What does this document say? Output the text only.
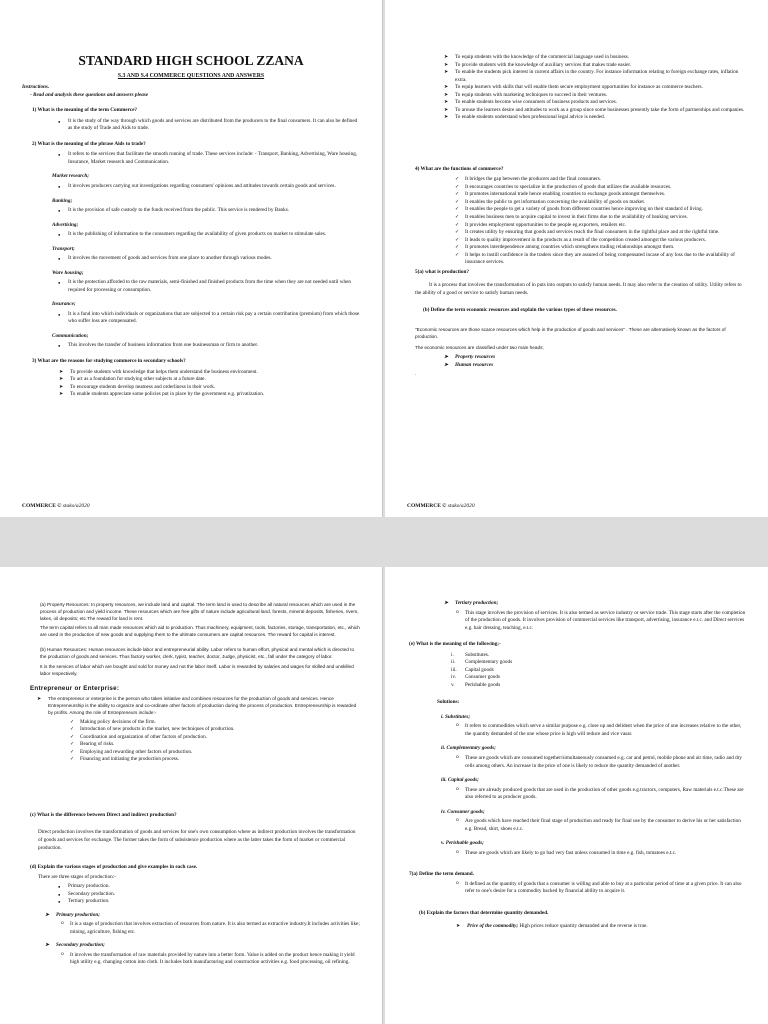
STANDARD HIGH SCHOOL ZZANA

S.3 AND S.4 COMMERCE QUESTIONS AND ANSWERS

Instructions.

- Read and analysis these questions and answers please

1) What is the meaning of the term Commerce?

● It is the study of the way through which goods and services are distributed from the producers to the final consumers. It can also be defined as the study of Trade and Aids to trade.

2) What is the meaning of the phrase Aids to trade?

● It refers to the services that facilitate the smooth running of trade. These services include: - Transport, Banking, Advertising, Ware housing, Insurance, Market research and Communication.

Market research;

● It involves producers carrying out investigations regarding consumers' opinions and attitudes towards certain goods and services.

Banking;

● It is the provision of safe custody to the funds received from the public. This service is rendered by Banks.

Advertising;

● It is the publishing of information to the consumers regarding the availability of given products on market to stimulate sales.

Transport;

● It involves the movement of goods and services from one place to another through various modes.

Ware housing;

● It is the protection afforded to the raw materials, semi-finished and finished products from the time when they are not needed until when required for processing or consumption.

Insurance;

● It is a fund into which individuals or organizations that are subjected to a certain risk pay a certain contribution (premium) from which those who suffer loss are compensated.

Communication;

● This involves the transfer of business information from one businessman or firm to another.

3) What are the reasons for studying commerce in secondary schools?

➤ To provide students with knowledge that helps them understand the business environment.
➤ To act as a foundation for studying other subjects at a future date.
➤ To encourage students develop neatness and orderliness in their work.
➤ To enable students appreciate some policies put in place by the government e.g. privatization.
COMMERCE © stako/a2020
➤ To equip students with the knowledge of the commercial language used in business.
➤ To provide students with the knowledge of auxiliary services that makes trade easier.
➤ To enable the students pick interest in current affairs in the country. For instance information relating to foreign exchange rates, inflation extra.
➤ To equip learners with skills that will enable them secure employment opportunities for instance as commerce teachers.
➤ To equip students with marketing techniques to succeed in their ventures.
➤ To enable students become wise consumers of business products and services.
➤ To arouse the learners desire and attitudes to work as a group since some businesses presently take the form of partnerships and companies.
➤ To enable students understand when professional legal advice is needed.

4) What are the functions of commerce?

✓ It bridges the gap between the producers and the final consumers.
✓ It encourages countries to specialize in the production of goods that utilizes the available resources.
✓ It promotes international trade hence enabling countries to exchange goods amongst themselves.
✓ It enables the public to get information concerning the availability of goods on market.
✓ It enables the people to get a variety of goods from different countries hence improving on their standard of living.
✓ It enables business men to acquire capital to invest in their firms due to the availability of banking services.
✓ It provides employment opportunities to the people eg.exporters, retailers etc.
✓ It creates utility by ensuring that goods and services reach the final consumers in the rightful place and at the rightful time.
✓ It leads to quality improvement in the products as a result of the competition created amongst the various producers.
✓ It promotes interdependence among countries which strengthens trading relationships amongst them.
✓ It helps to instill confidence in the traders since they are assured of being compensated incase of any loss due to the availability of insurance services.

5(a) what is production?

It is a process that involves the transformation of in puts into outputs to satisfy human needs. It may also refer to the creation of utility. Utility refers to the ability of a good or service to satisfy human needs.

(b) Define the term economic resources and explain the various types of these resources.

"Economic resources are those scarce resources which help in the production of goods and services" . These are alternatively known as the factors of production.

The economic resources are classified under two main heads;

➤ Property resources
➤ Human resources

.

COMMERCE © stako/a2020

(a) Property Resources: In property resources, we include land and capital. The term land is used to describe all natural resources which are used in the process of production and yield income. These resources which are free gifts of nature include agricultural land, forests, mineral deposits, fisheries, rivers, lakes, oil deposits; etc.The reward for land is rent.

The term capital refers to all man made resources which aid to production. Thus machinery, equipment, tools, factories, storage, transportation, etc., which are used in the production of new goods and supplying them to the ultimate consumers are capital resources. The reward for capital is interest.

(b) Human Resources: Human resources include labor and entrepreneurial ability. Labor refers to human effort, physical and mental which is directed to the production of goods and services. Thus factory worker, clerk, typist, teacher, doctor, Judge, physicist, etc., fall under the category of labor.

It is the services of labor which are bought and sold for money and not the labor itself. Labor is rewarded by salaries and wages for skilled and unskilled labor respectively.

Entrepreneur or Enterprise:

➤ The entrepreneur or enterprise is the person who takes initiative and combines resources for the production of goods and services. Hence Entrepreneurship is the ability to organize and co-ordinate other factors of production during the process of production. Entrepreneurship is rewarded by profits. Among the role of Entrepreneurs include:-
✓ Making policy decisions of the firm.
✓ Introduction of new products in the market, new techniques of production.
✓ Coordination and organization of other factors of production.
✓ Bearing of risks.
✓ Employing and rewarding other factors of production.
✓ Financing and initiating the production process.

(c) What is the difference between Direct and indirect production?

Direct production involves the transformation of goods and services for one's own consumption where as indirect production involves the transformation of goods and services for exchange. The former takes the form of subsistence production where as the latter takes the form of market or commercial production.

(d) Explain the various stages of production and give examples in each case.

There are three stages of production:-

● Primary production.
● Secondary production.
● Tertiary production.
➤ Primary production;
o It is a stage of production that involves extraction of resources from nature. It is also termed as extractive industry.It includes activities like; mining, agriculture, fishing etc.
➤ Secondary production;
o It involves the transformation of raw materials provided by nature into a better form. Value is added on the product hence making it yield high utility e.g. changing cotton into cloth. It includes both manufacturing and construction activities e.g. food processing, oil refining.
➤ Tertiary production;
o This stage involves the provision of services. It is also termed as service industry or service trade. This stage starts after the completion of the production of goods. It involves provision of commercial services like transport, advertising, insurance e.t.c. and Direct services e.g. hair dressing, teaching, e.t.c.

(e) What is the meaning of the following;-

i. Substitutes.
ii. Complementary goods
iii. Capital goods
iv. Consumer goods
v. Perishable goods

Solutions:

i. Substitutes;

o It refers to commodities which serve a similar purpose e.g. close up and delident when the price of one increases relative to the other, the quantity demanded of the one whose price is high will reduce and vice vasar.

ii. Complementary goods;

o These are goods which are consumed together/simultaneously consumed e.g. car and petrol, mobile phone and air time, radio and dry cells among others. An increase in the price of one is likely to reduce the quantity demanded of another.

iii. Capital goods;

o These are already produced goods that are used in the production of other goods e.g.tractors, computers, Raw materials e.t.c.These are also referred to as producer goods.

iv. Consumer goods;

o Are goods which have reached their final stage of production and ready for final use by the consumer to derive his or her satisfaction e.g. Bread, shirt, shoes e.t.c.

v. Perishable goods;

o These are goods which are likely to go bad very fast unless consumed in time e.g. fish, tomatoes e.t.c.

7(a) Define the term demand.

o It defined as the quantity of goods that a consumer is willing and able to buy at a particular period of time at a given price. It can also refer to one's desire for a commodity backed by financial ability to acquire it.

(b) Explain the factors that determine quantity demanded.

➤ Price of the commodity; High prices reduce quantity demanded and the reverse is true.
